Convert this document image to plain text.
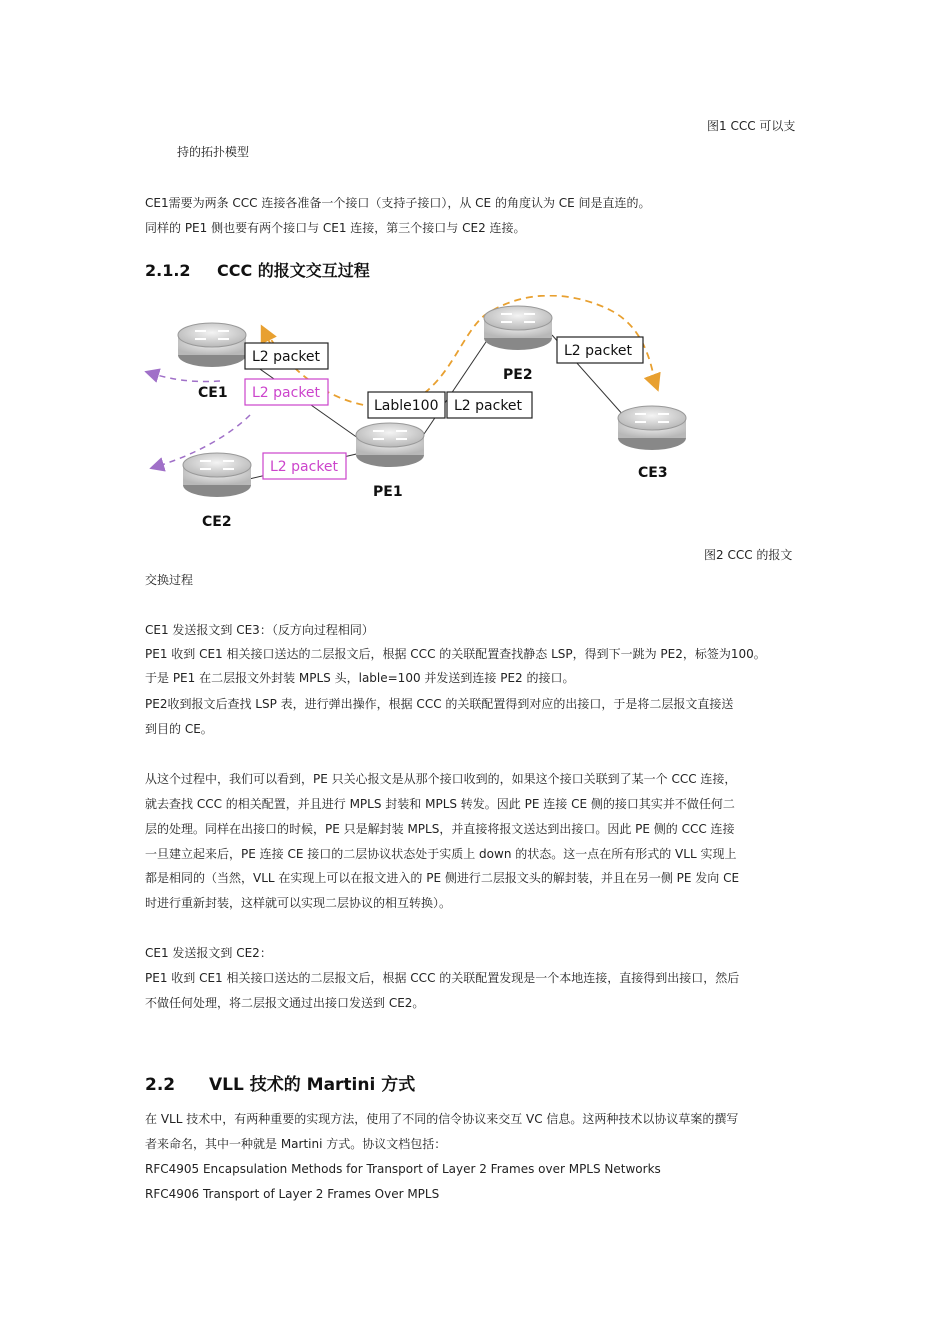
图1 CCC 可以支
持的拓扑模型
CE1需要为两条 CCC 连接各准备一个接口（支持子接口），从 CE 的角度认为 CE 间是直连的。
同样的 PE1 侧也要有两个接口与 CE1 连接，第三个接口与 CE2 连接。
2.1.2 CCC 的报文交互过程
CE1
CE2
PE1
PE2
CE3
L2 packet
L2 packet
L2 packet
Lable100 L2 packet
L2 packet
图2 CCC 的报文
交换过程
CE1 发送报文到 CE3：（反方向过程相同）
PE1 收到 CE1 相关接口送达的二层报文后，根据 CCC 的关联配置查找静态 LSP，得到下一跳为 PE2，标签为100。
于是 PE1 在二层报文外封装 MPLS 头，lable=100 并发送到连接 PE2 的接口。
PE2收到报文后查找 LSP 表，进行弹出操作，根据 CCC 的关联配置得到对应的出接口，于是将二层报文直接送
到目的 CE。
从这个过程中，我们可以看到，PE 只关心报文是从那个接口收到的，如果这个接口关联到了某一个 CCC 连接，
就去查找 CCC 的相关配置，并且进行 MPLS 封装和 MPLS 转发。因此 PE 连接 CE 侧的接口其实并不做任何二
层的处理。同样在出接口的时候，PE 只是解封装 MPLS，并直接将报文送达到出接口。因此 PE 侧的 CCC 连接
一旦建立起来后，PE 连接 CE 接口的二层协议状态处于实质上 down 的状态。这一点在所有形式的 VLL 实现上
都是相同的（当然，VLL 在实现上可以在报文进入的 PE 侧进行二层报文头的解封装，并且在另一侧 PE 发向 CE
时进行重新封装，这样就可以实现二层协议的相互转换）。
CE1 发送报文到 CE2：
PE1 收到 CE1 相关接口送达的二层报文后，根据 CCC 的关联配置发现是一个本地连接，直接得到出接口，然后
不做任何处理，将二层报文通过出接口发送到 CE2。
2.2 VLL 技术的 Martini 方式
在 VLL 技术中，有两种重要的实现方法，使用了不同的信令协议来交互 VC 信息。这两种技术以协议草案的撰写
者来命名，其中一种就是 Martini 方式。协议文档包括：
RFC4905 Encapsulation Methods for Transport of Layer 2 Frames over MPLS Networks
RFC4906 Transport of Layer 2 Frames Over MPLS
